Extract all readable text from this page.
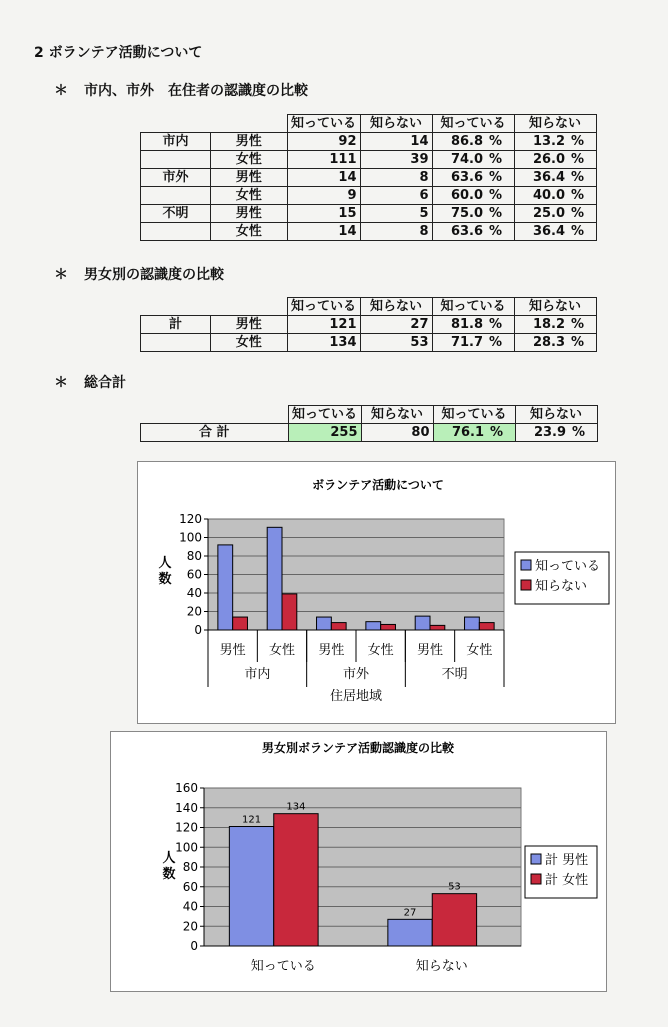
2 ボランテア活動について
＊ 市内、市外　在住者の認識度の比較
		知っている	知らない	知っている		知らない	
市内	男性	92	14	86.8	%	13.2	%
	女性	111	39	74.0	%	26.0	%
市外	男性	14	8	63.6	%	36.4	%
	女性	9	6	60.0	%	40.0	%
不明	男性	15	5	75.0	%	25.0	%
	女性	14	8	63.6	%	36.4	%
＊ 男女別の認識度の比較
		知っている	知らない	知っている		知らない	
計	男性	121	27	81.8	%	18.2	%
	女性	134	53	71.7	%	28.3	%
＊ 総合計
	知っている	知らない	知っている		知らない	
合 計	255	80	76.1	%	23.9	%
ボランテア活動について
0
20
40
60
80
100
120
人
数
男性 女性 男性 女性 男性 女性
市内	市外	不明
住居地域
知っている
知らない
男女別ボランテア活動認識度の比較
0
20
40
60
80
100
120
140
160
人
数
121
134
知っている
27
53
知らない
計 男性
計 女性
